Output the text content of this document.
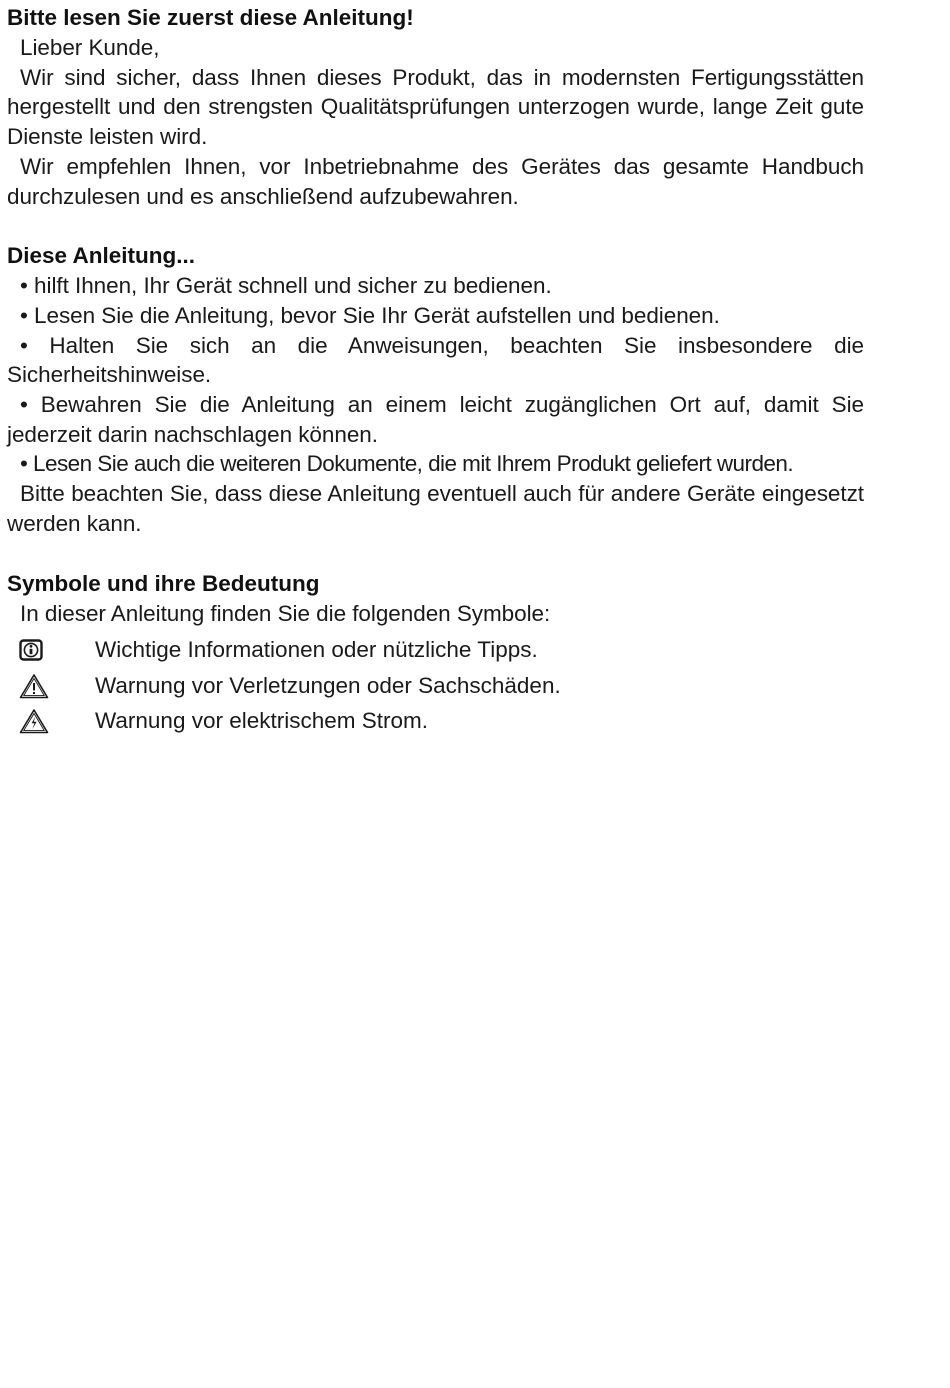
Bitte lesen Sie zuerst diese Anleitung!

Lieber Kunde,

Wir sind sicher, dass Ihnen dieses Produkt, das in modernsten Fertigungsstätten hergestellt und den strengsten Qualitätsprüfungen unterzogen wurde, lange Zeit gute Dienste leisten wird.

Wir empfehlen Ihnen, vor Inbetriebnahme des Gerätes das gesamte Handbuch durchzulesen und es anschließend aufzubewahren.

Diese Anleitung...

• hilft Ihnen, Ihr Gerät schnell und sicher zu bedienen.

• Lesen Sie die Anleitung, bevor Sie Ihr Gerät aufstellen und bedienen.

• Halten Sie sich an die Anweisungen, beachten Sie insbesondere die Sicherheitshinweise.

• Bewahren Sie die Anleitung an einem leicht zugänglichen Ort auf, damit Sie jederzeit darin nachschlagen können.

• Lesen Sie auch die weiteren Dokumente, die mit Ihrem Produkt geliefert wurden.

Bitte beachten Sie, dass diese Anleitung eventuell auch für andere Geräte eingesetzt werden kann.

Symbole und ihre Bedeutung

In dieser Anleitung finden Sie die folgenden Symbole:

Wichtige Informationen oder nützliche Tipps.
Warnung vor Verletzungen oder Sachschäden.
Warnung vor elektrischem Strom.
